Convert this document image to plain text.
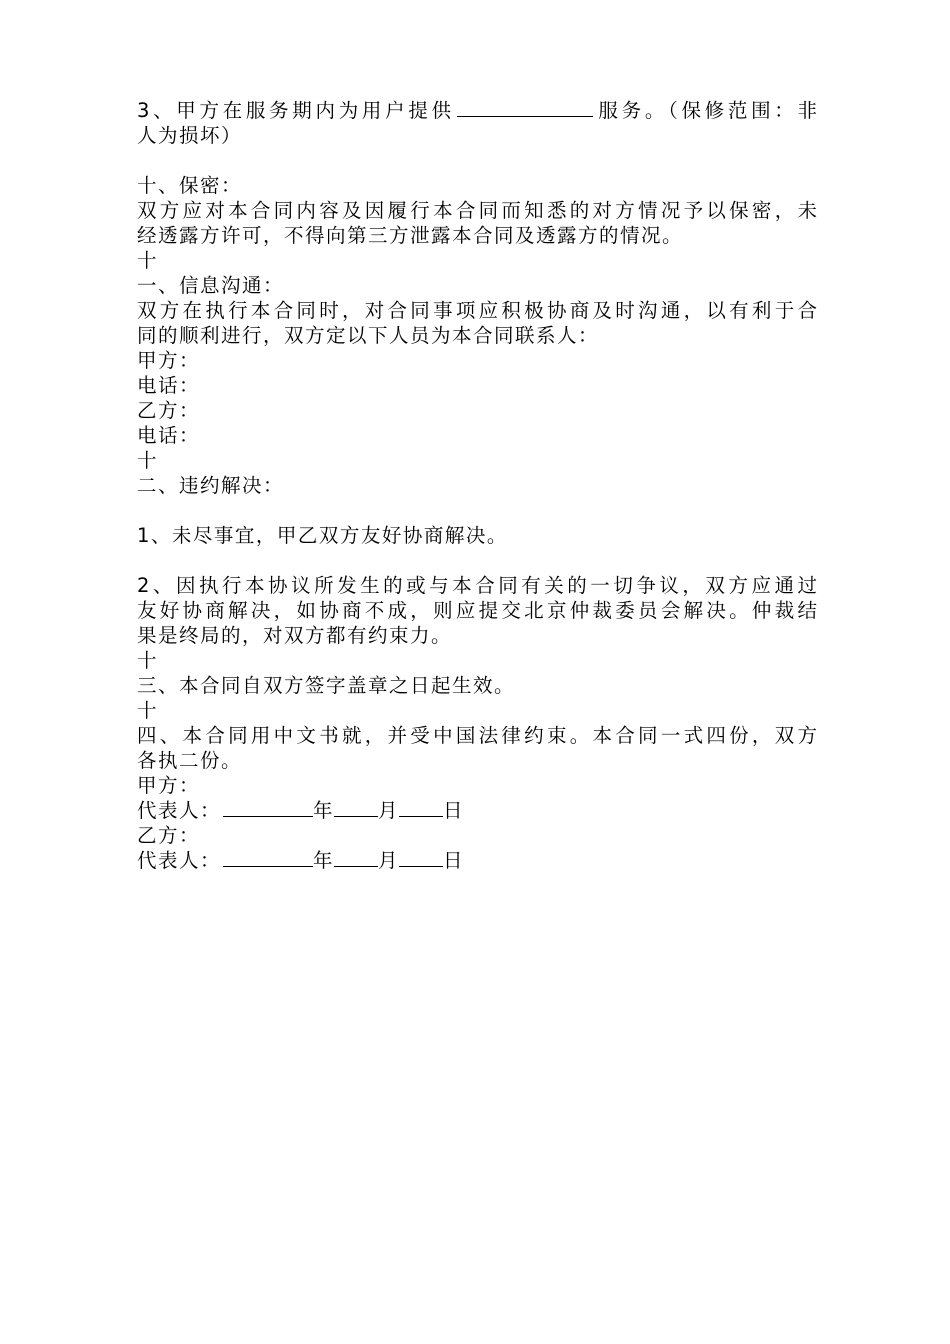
3、甲方在服务期内为用户提供	服务。（保修范围：非
人为损坏）
十、保密：
双方应对本合同内容及因履行本合同而知悉的对方情况予以保密，未
经透露方许可，不得向第三方泄露本合同及透露方的情况。
十
一、信息沟通：
双方在执行本合同时，对合同事项应积极协商及时沟通，以有利于合
同的顺利进行，双方定以下人员为本合同联系人：
甲方：
电话：
乙方：
电话：
十
二、违约解决：
1、未尽事宜，甲乙双方友好协商解决。
2、因执行本协议所发生的或与本合同有关的一切争议，双方应通过
友好协商解决，如协商不成，则应提交北京仲裁委员会解决。仲裁结
果是终局的，对双方都有约束力。
十
三、本合同自双方签字盖章之日起生效。
十
四、本合同用中文书就，并受中国法律约束。本合同一式四份，双方
各执二份。
甲方：
代表人：	年 月 日
乙方：
代表人：	年 月 日
